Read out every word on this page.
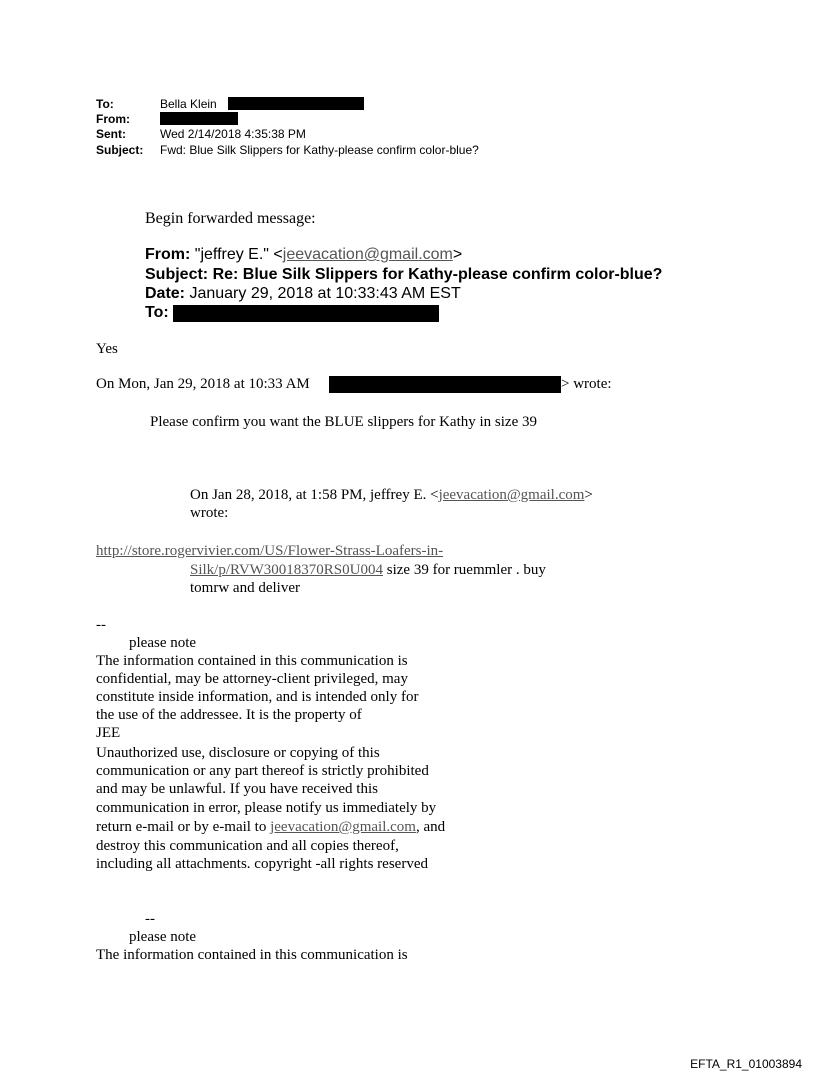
To:	Bella Klein
From:
Sent:	Wed 2/14/2018 4:35:38 PM
Subject: Fwd: Blue Silk Slippers for Kathy-please confirm color-blue?
Begin forwarded message:
From: "jeffrey E." <jeevacation@gmail.com>
Subject: Re: Blue Silk Slippers for Kathy-please confirm color-blue?
Date: January 29, 2018 at 10:33:43 AM EST
To:
Yes
On Mon, Jan 29, 2018 at 10:33 AM	> wrote:
Please confirm you want the BLUE slippers for Kathy in size 39
On Jan 28, 2018, at 1:58 PM, jeffrey E. <jeevacation@gmail.com>
wrote:
http://store.rogervivier.com/US/Flower-Strass-Loafers-in-
Silk/p/RVW30018370RS0U004 size 39 for ruemmler . buy
tomrw and deliver
--
please note
The information contained in this communication is
confidential, may be attorney-client privileged, may
constitute inside information, and is intended only for
the use of the addressee. It is the property of
JEE
Unauthorized use, disclosure or copying of this
communication or any part thereof is strictly prohibited
and may be unlawful. If you have received this
communication in error, please notify us immediately by
return e-mail or by e-mail to jeevacation@gmail.com, and
destroy this communication and all copies thereof,
including all attachments. copyright -all rights reserved
--
please note
The information contained in this communication is
EFTA_R1_01003894
